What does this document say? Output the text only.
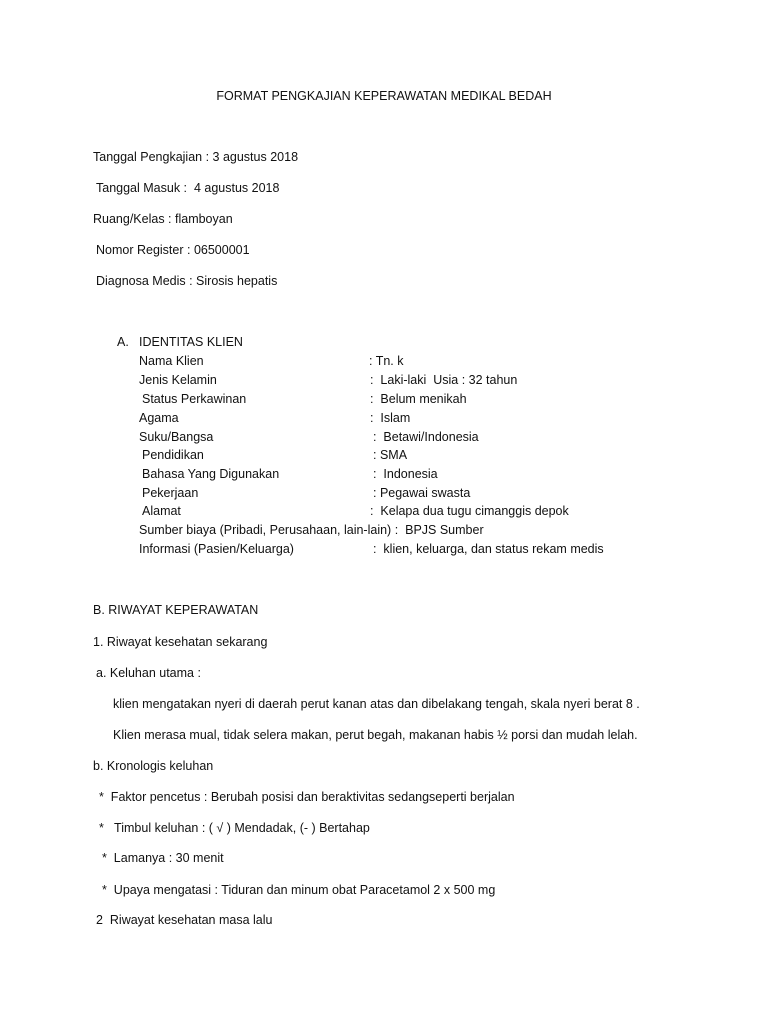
FORMAT PENGKAJIAN KEPERAWATAN MEDIKAL BEDAH
Tanggal Pengkajian : 3 agustus 2018
Tanggal Masuk :  4 agustus 2018
Ruang/Kelas : flamboyan
Nomor Register : 06500001
Diagnosa Medis : Sirosis hepatis
A. IDENTITAS KLIEN
Nama Klien	: Tn. k
Jenis Kelamin	:  Laki-laki  Usia : 32 tahun
Status Perkawinan	:  Belum menikah
Agama	:  Islam
Suku/Bangsa	:  Betawi/Indonesia
Pendidikan	: SMA
Bahasa Yang Digunakan	:  Indonesia
Pekerjaan	: Pegawai swasta
Alamat	:  Kelapa dua tugu cimanggis depok
Sumber biaya (Pribadi, Perusahaan, lain-lain) :  BPJS Sumber
Informasi (Pasien/Keluarga)	:  klien, keluarga, dan status rekam medis
B. RIWAYAT KEPERAWATAN
1. Riwayat kesehatan sekarang
a. Keluhan utama :
klien mengatakan nyeri di daerah perut kanan atas dan dibelakang tengah, skala nyeri berat 8 .
Klien merasa mual, tidak selera makan, perut begah, makanan habis ½ porsi dan mudah lelah.
b. Kronologis keluhan
*  Faktor pencetus : Berubah posisi dan beraktivitas sedangseperti berjalan
*   Timbul keluhan : ( √ ) Mendadak, (- ) Bertahap
*  Lamanya : 30 menit
*  Upaya mengatasi : Tiduran dan minum obat Paracetamol 2 x 500 mg
2  Riwayat kesehatan masa lalu
